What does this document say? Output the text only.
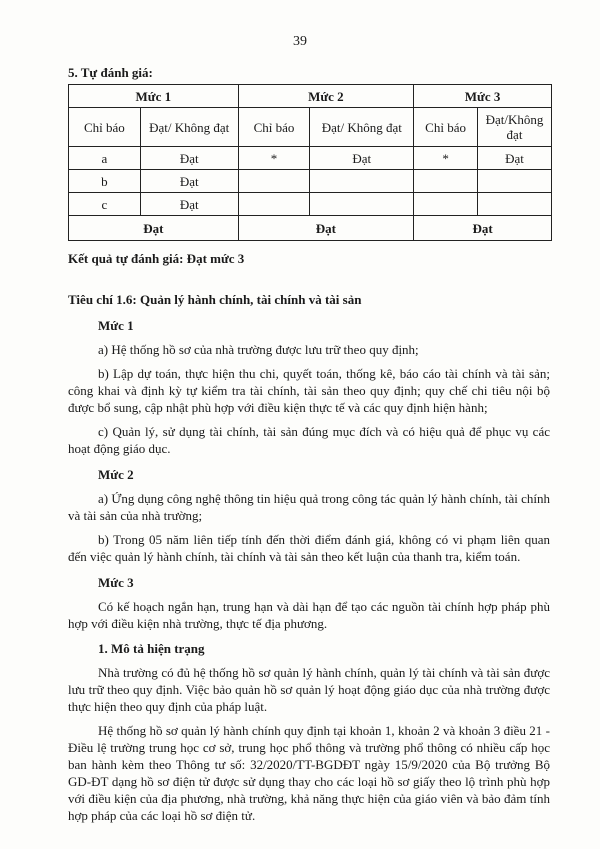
39
5. Tự đánh giá:
Mức 1		Mức 2		Mức 3	
Chỉ báo	Đạt/ Không đạt	Chỉ báo	Đạt/ Không đạt	Chỉ báo	Đạt/Không đạt
a	Đạt	*	Đạt	*	Đạt
b	Đạt				
c	Đạt				
Đạt		Đạt		Đạt	
Kết quả tự đánh giá: Đạt mức 3
Tiêu chí 1.6: Quản lý hành chính, tài chính và tài sản
Mức 1
a) Hệ thống hồ sơ của nhà trường được lưu trữ theo quy định;
b) Lập dự toán, thực hiện thu chi, quyết toán, thống kê, báo cáo tài chính và tài sản; công khai và định kỳ tự kiểm tra tài chính, tài sản theo quy định; quy chế chi tiêu nội bộ được bổ sung, cập nhật phù hợp với điều kiện thực tế và các quy định hiện hành;
c) Quản lý, sử dụng tài chính, tài sản đúng mục đích và có hiệu quả để phục vụ các hoạt động giáo dục.
Mức 2
a) Ứng dụng công nghệ thông tin hiệu quả trong công tác quản lý hành chính, tài chính và tài sản của nhà trường;
b) Trong 05 năm liên tiếp tính đến thời điểm đánh giá, không có vi phạm liên quan đến việc quản lý hành chính, tài chính và tài sản theo kết luận của thanh tra, kiểm toán.
Mức 3
Có kế hoạch ngắn hạn, trung hạn và dài hạn để tạo các nguồn tài chính hợp pháp phù hợp với điều kiện nhà trường, thực tế địa phương.
1. Mô tả hiện trạng
Nhà trường có đủ hệ thống hồ sơ quản lý hành chính, quản lý tài chính và tài sản được lưu trữ theo quy định. Việc bảo quản hồ sơ quản lý hoạt động giáo dục của nhà trường được thực hiện theo quy định của pháp luật.
Hệ thống hồ sơ quản lý hành chính quy định tại khoản 1, khoản 2 và khoản 3 điều 21 - Điều lệ trường trung học cơ sở, trung học phổ thông và trường phổ thông có nhiều cấp học ban hành kèm theo Thông tư số: 32/2020/TT-BGDĐT ngày 15/9/2020 của Bộ trưởng Bộ GD-ĐT dạng hồ sơ điện tử được sử dụng thay cho các loại hồ sơ giấy theo lộ trình phù hợp với điều kiện của địa phương, nhà trường, khả năng thực hiện của giáo viên và bảo đảm tính hợp pháp của các loại hồ sơ điện tử.
